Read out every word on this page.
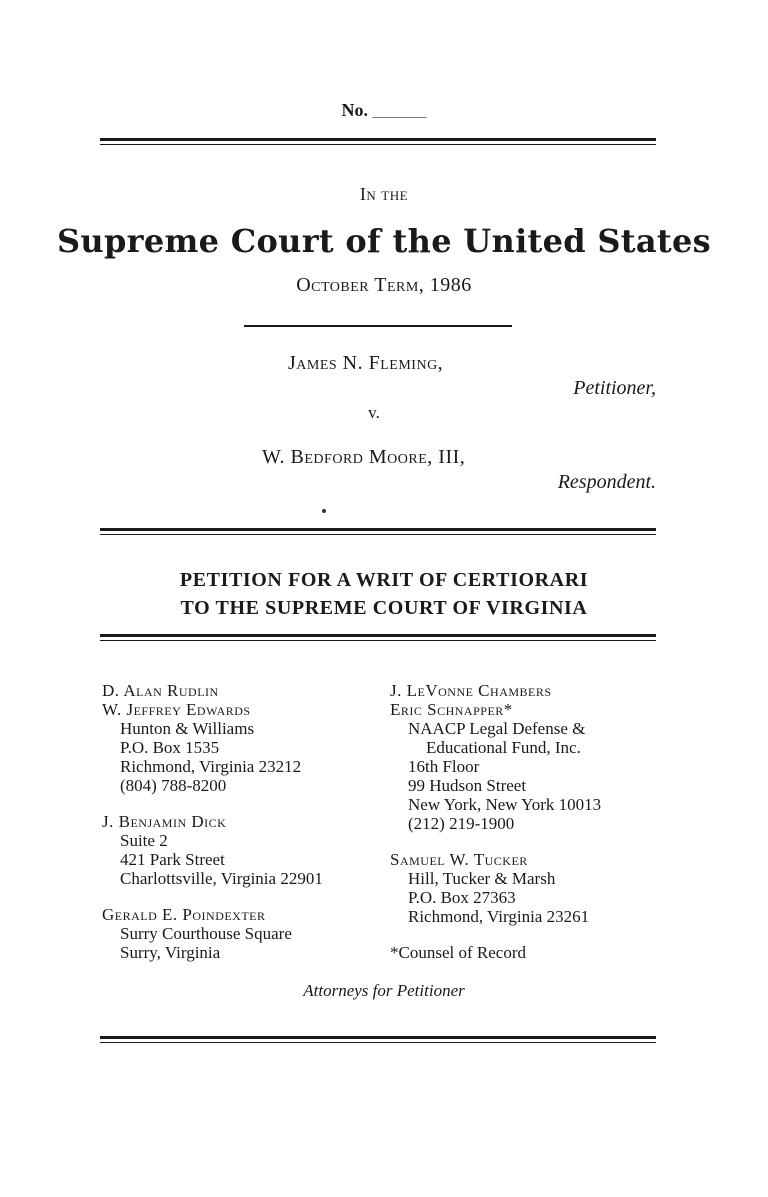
No. _________
In the
Supreme Court of the United States
October Term, 1986
James N. Fleming,
Petitioner,
v.
W. Bedford Moore, III,
Respondent.
PETITION FOR A WRIT OF CERTIORARI
TO THE SUPREME COURT OF VIRGINIA
D. Alan Rudlin
W. Jeffrey Edwards
Hunton & Williams
P.O. Box 1535
Richmond, Virginia 23212
(804) 788-8200
J. Benjamin Dick
Suite 2
421 Park Street
Charlottsville, Virginia 22901
Gerald E. Poindexter
Surry Courthouse Square
Surry, Virginia
J. LeVonne Chambers
Eric Schnapper*
NAACP Legal Defense &
Educational Fund, Inc.
16th Floor
99 Hudson Street
New York, New York 10013
(212) 219-1900
Samuel W. Tucker
Hill, Tucker & Marsh
P.O. Box 27363
Richmond, Virginia 23261
*Counsel of Record
Attorneys for Petitioner
